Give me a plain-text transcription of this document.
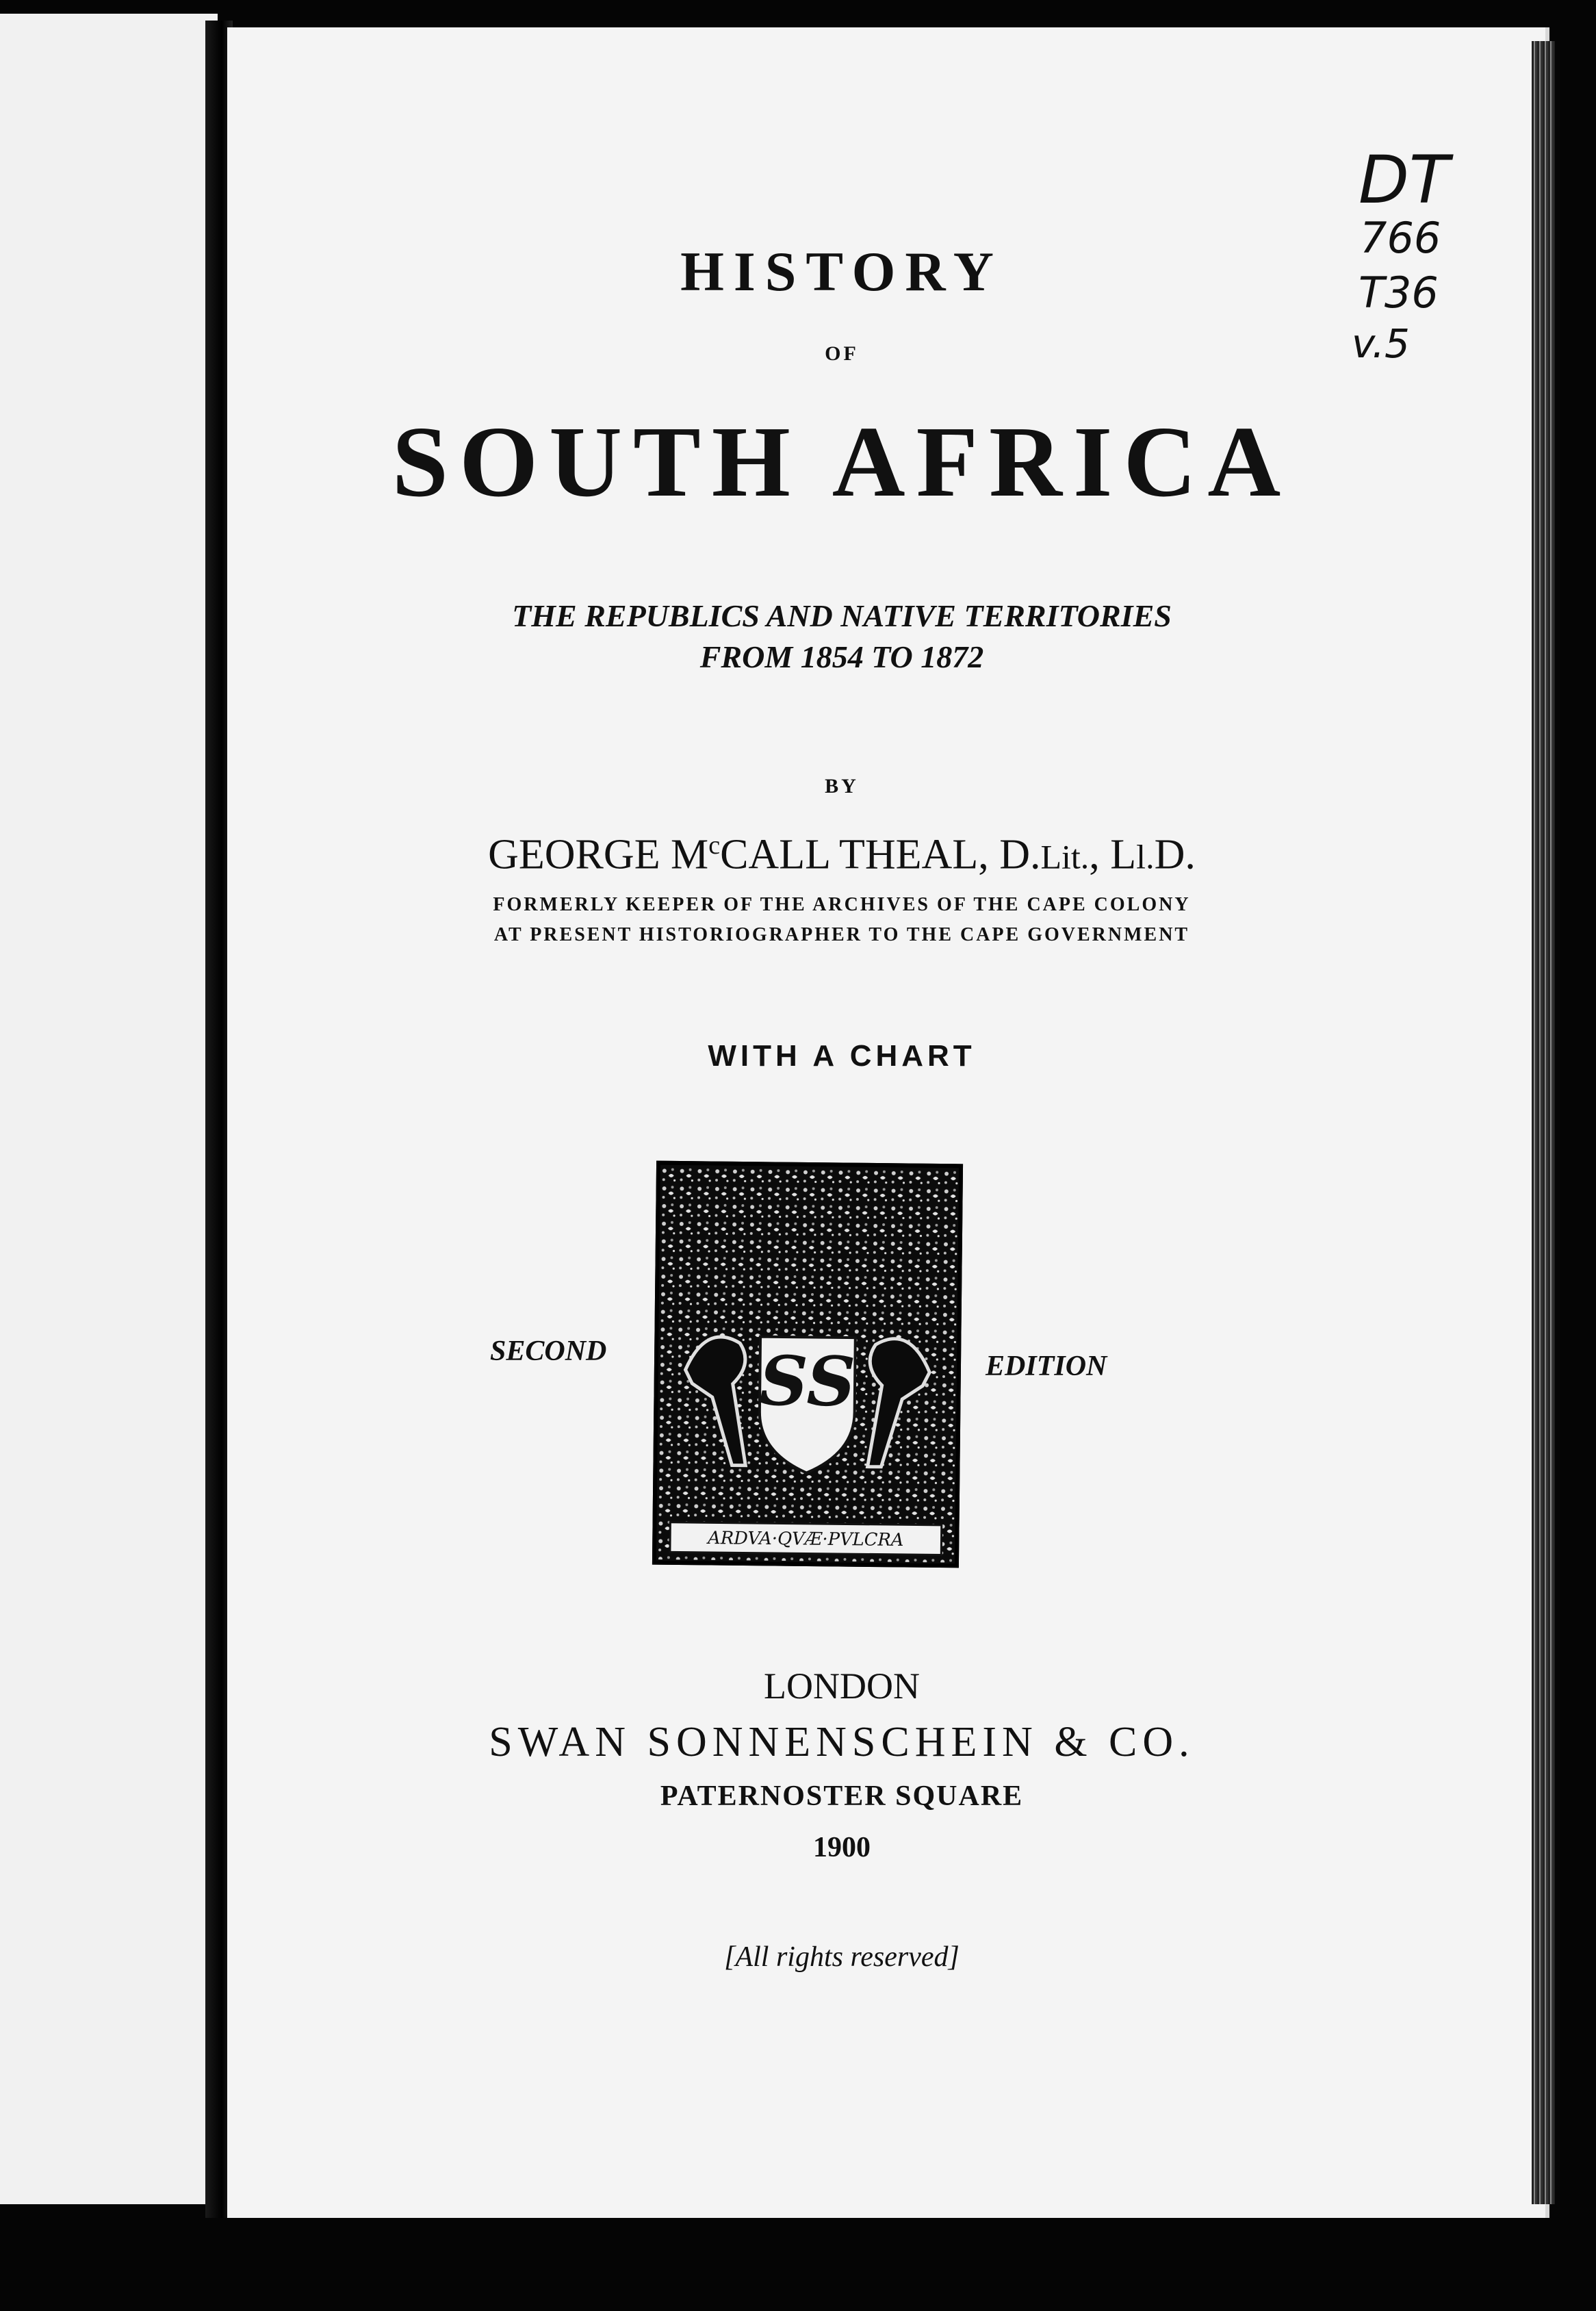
DT
766
T36
v.5
HISTORY
OF
SOUTH AFRICA
THE REPUBLICS AND NATIVE TERRITORIES
FROM 1854 TO 1872
BY
GEORGE $M^cCALL$ THEAL, D.Lit., Ll.D.
FORMERLY KEEPER OF THE ARCHIVES OF THE CAPE COLONY
AT PRESENT HISTORIOGRAPHER TO THE CAPE GOVERNMENT
WITH A CHART
SECOND	EDITION
SS
ARDVA·QVÆ·PVLCRA
LONDON
SWAN SONNENSCHEIN & CO.
PATERNOSTER SQUARE
1900
[All rights reserved]
